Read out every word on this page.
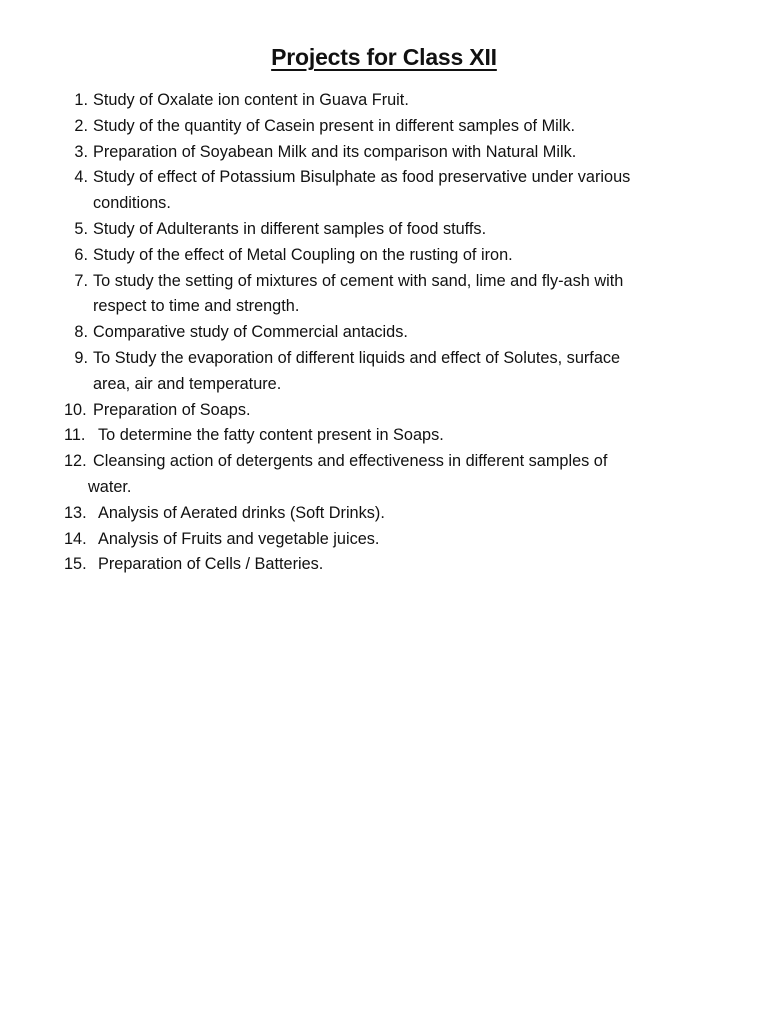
Projects for Class XII
1. Study of Oxalate ion content in Guava Fruit.
2. Study of the quantity of Casein present in different samples of Milk.
3. Preparation of Soyabean Milk and its comparison with Natural Milk.
4. Study of effect of Potassium Bisulphate as food preservative under various
conditions.
5. Study of Adulterants in different samples of food stuffs.
6. Study of the effect of Metal Coupling on the rusting of iron.
7. To study the setting of mixtures of cement with sand, lime and fly-ash with
respect to time and strength.
8. Comparative study of Commercial antacids.
9. To Study the evaporation of different liquids and effect of Solutes, surface
area, air and temperature.
10. Preparation of Soaps.
11. To determine the fatty content present in Soaps.
12. Cleansing action of detergents and effectiveness in different samples of
water.
13. Analysis of Aerated drinks (Soft Drinks).
14. Analysis of Fruits and vegetable juices.
15. Preparation of Cells / Batteries.
